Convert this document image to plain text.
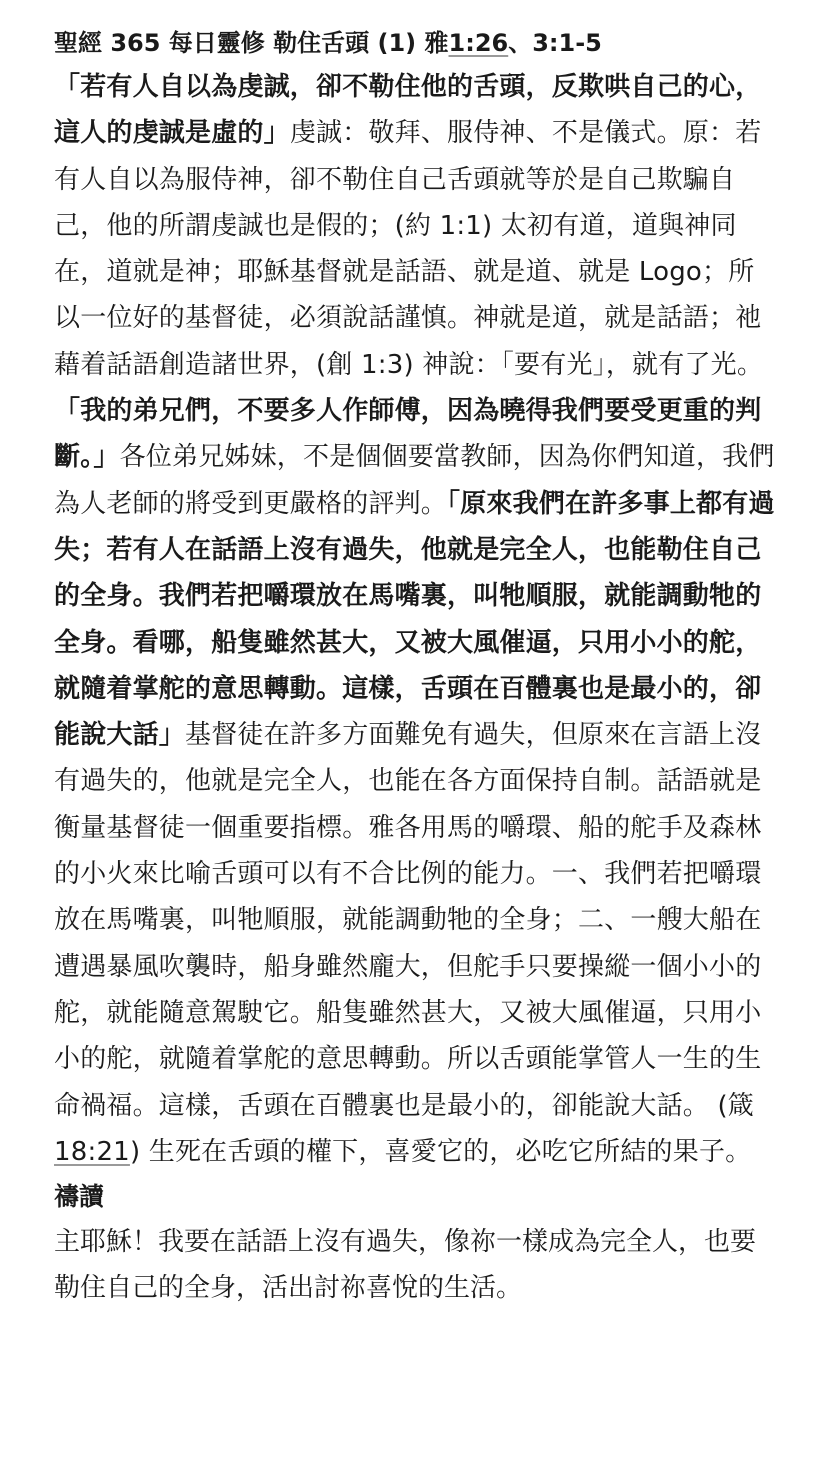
聖經 365 每日靈修 勒住舌頭 (1) 雅1:26、3:1-5

「若有人自以為虔誠，卻不勒住他的舌頭，反欺哄自己的心，這人的虔誠是虛的」虔誠：敬拜、服侍神、不是儀式。原：若有人自以為服侍神，卻不勒住自己舌頭就等於是自己欺騙自己，他的所謂虔誠也是假的；(約 1:1) 太初有道，道與神同在，道就是神；耶穌基督就是話語、就是道、就是 Logo；所以一位好的基督徒，必須說話謹慎。神就是道，就是話語；祂藉着話語創造諸世界，(創 1:3) 神說：「要有光」，就有了光。「我的弟兄們，不要多人作師傅，因為曉得我們要受更重的判斷。」各位弟兄姊妹，不是個個要當教師，因為你們知道，我們為人老師的將受到更嚴格的評判。「原來我們在許多事上都有過失；若有人在話語上沒有過失，他就是完全人，也能勒住自己的全身。我們若把嚼環放在馬嘴裏，叫牠順服，就能調動牠的全身。看哪，船隻雖然甚大，又被大風催逼，只用小小的舵，就隨着掌舵的意思轉動。這樣，舌頭在百體裏也是最小的，卻能說大話」基督徒在許多方面難免有過失，但原來在言語上沒有過失的，他就是完全人，也能在各方面保持自制。話語就是衡量基督徒一個重要指標。雅各用馬的嚼環、船的舵手及森林的小火來比喻舌頭可以有不合比例的能力。一、我們若把嚼環放在馬嘴裏，叫牠順服，就能調動牠的全身；二、一艘大船在遭遇暴風吹襲時，船身雖然龐大，但舵手只要操縱一個小小的舵，就能隨意駕駛它。船隻雖然甚大，又被大風催逼，只用小小的舵，就隨着掌舵的意思轉動。所以舌頭能掌管人一生的生命禍福。這樣，舌頭在百體裏也是最小的，卻能說大話。 (箴 18:21) 生死在舌頭的權下，喜愛它的，必吃它所結的果子。

禱讀

主耶穌！我要在話語上沒有過失，像祢一樣成為完全人，也要勒住自己的全身，活出討祢喜悅的生活。
